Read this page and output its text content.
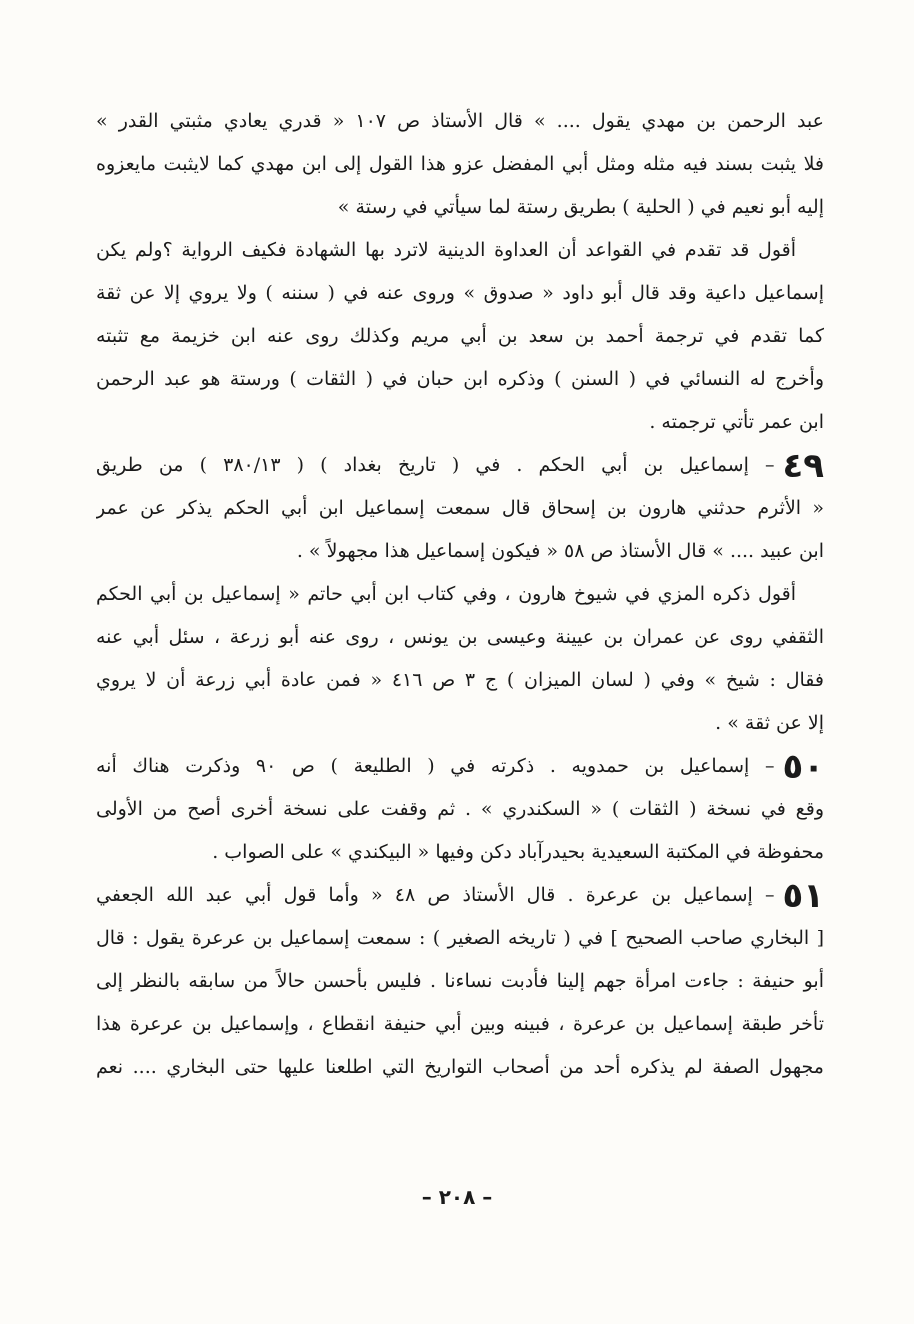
عبد الرحمن بن مهدي يقول .... » قال الأستاذ ص ١٠٧ « قدري يعادي مثبتي القدر »
فلا يثبت بسند فيه مثله ومثل أبي المفضل عزو هذا القول إلى ابن مهدي كما لايثبت مايعزوه
إليه أبو نعيم في ( الحلية ) بطريق رستة لما سيأتي في رستة »
أقول قد تقدم في القواعد أن العداوة الدينية لاترد بها الشهادة فكيف الرواية ؟ولم يكن
إسماعيل داعية وقد قال أبو داود « صدوق » وروى عنه في ( سننه ) ولا يروي إلا عن ثقة
كما تقدم في ترجمة أحمد بن سعد بن أبي مريم وكذلك روى عنه ابن خزيمة مع تثبته
وأخرج له النسائي في ( السنن ) وذكره ابن حبان في ( الثقات ) ورستة هو عبد الرحمن
ابن عمر تأتي ترجمته .
٤٩– إسماعيل بن أبي الحكم . في ( تاريخ بغداد ) ( ٣٨٠/١٣ ) من طريق
« الأثرم حدثني هارون بن إسحاق قال سمعت إسماعيل ابن أبي الحكم يذكر عن عمر
ابن عبيد .... » قال الأستاذ ص ٥٨ « فيكون إسماعيل هذا مجهولاً » .
أقول ذكره المزي في شيوخ هارون ، وفي كتاب ابن أبي حاتم « إسماعيل بن أبي الحكم
الثقفي روى عن عمران بن عيينة وعيسى بن يونس ، روى عنه أبو زرعة ، سئل أبي عنه
فقال : شيخ » وفي ( لسان الميزان ) ج ٣ ص ٤١٦ « فمن عادة أبي زرعة أن لا يروي
إلا عن ثقة » .
٥٠– إسماعيل بن حمدويه . ذكرته في ( الطليعة ) ص ٩٠ وذكرت هناك أنه
وقع في نسخة ( الثقات ) « السكندري » . ثم وقفت على نسخة أخرى أصح من الأولى
محفوظة في المكتبة السعيدية بحيدرآباد دكن وفيها « البيكندي » على الصواب .
٥١– إسماعيل بن عرعرة . قال الأستاذ ص ٤٨ « وأما قول أبي عبد الله الجعفي
[ البخاري صاحب الصحيح ] في ( تاريخه الصغير ) : سمعت إسماعيل بن عرعرة يقول : قال
أبو حنيفة : جاءت امرأة جهم إلينا فأدبت نساءنا . فليس بأحسن حالاً من سابقه بالنظر إلى
تأخر طبقة إسماعيل بن عرعرة ، فبينه وبين أبي حنيفة انقطاع ، وإسماعيل بن عرعرة هذا
مجهول الصفة لم يذكره أحد من أصحاب التواريخ التي اطلعنا عليها حتى البخاري .... نعم
– ٢٠٨ –
